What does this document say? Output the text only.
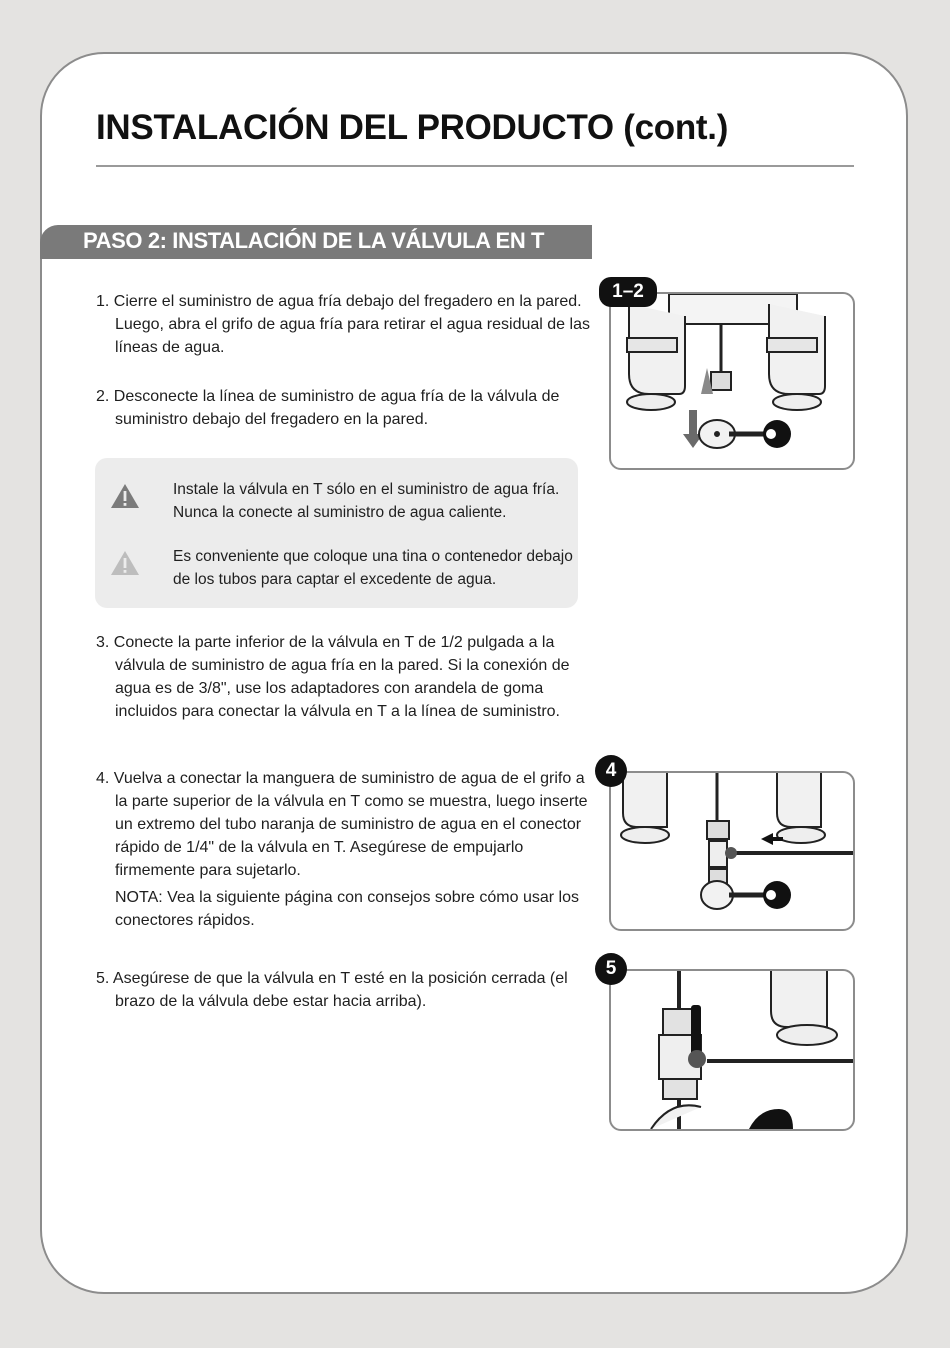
INSTALACIÓN DEL PRODUCTO (cont.)
PASO 2: INSTALACIÓN DE LA VÁLVULA EN T
1. Cierre el suministro de agua fría debajo del fregadero en la pared. Luego, abra el grifo de agua fría para retirar el agua residual de las líneas de agua.
2. Desconecte la línea de suministro de agua fría de la válvula de suministro debajo del fregadero en la pared.
Instale la válvula en T sólo en el suministro de agua fría. Nunca la conecte al suministro de agua caliente.
Es conveniente que coloque una tina o contenedor debajo de los tubos para captar el excedente de agua.
3. Conecte la parte inferior de la válvula en T de 1/2 pulgada a la válvula de suministro de agua fría en la pared. Si la conexión de agua es de 3/8", use los adaptadores con arandela de goma incluidos para conectar la válvula en T a la línea de suministro.
4. Vuelva a conectar la manguera de suministro de agua de el grifo a la parte superior de la válvula en T como se muestra, luego inserte un extremo del tubo naranja de suministro de agua en el conector rápido de 1/4" de la válvula en T. Asegúrese de empujarlo firmemente para sujetarlo.
NOTA: Vea la siguiente página con consejos sobre cómo usar los conectores rápidos.
5. Asegúrese de que la válvula en T esté en la posición cerrada (el brazo de la válvula debe estar hacia arriba).
1–2
4
5
